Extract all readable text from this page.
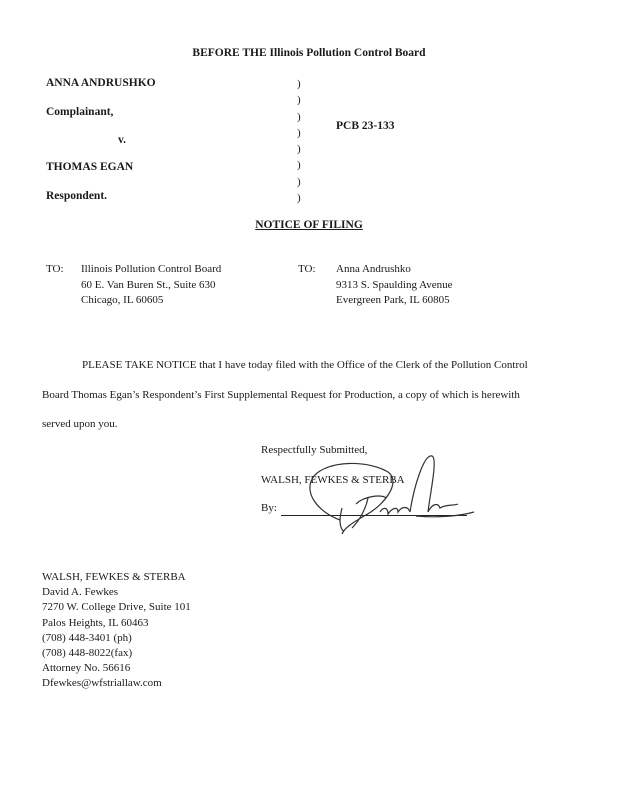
BEFORE THE Illinois Pollution Control Board
ANNA ANDRUSHKO
Complainant,
v.
THOMAS EGAN
Respondent.
)
)
)
)
)
)
)
)
PCB 23-133
NOTICE OF FILING
TO: Illinois Pollution Control Board
60 E. Van Buren St., Suite 630
Chicago, IL 60605
TO: Anna Andrushko
9313 S. Spaulding Avenue
Evergreen Park, IL 60805
PLEASE TAKE NOTICE that I have today filed with the Office of the Clerk of the Pollution Control
Board Thomas Egan’s Respondent’s First Supplemental Request for Production, a copy of which is herewith
served upon you.
Respectfully Submitted,
WALSH, FEWKES & STERBA
By:
WALSH, FEWKES & STERBA
David A. Fewkes
7270 W. College Drive, Suite 101
Palos Heights, IL 60463
(708) 448-3401 (ph)
(708) 448-8022(fax)
Attorney No. 56616
Dfewkes@wfstriallaw.com
